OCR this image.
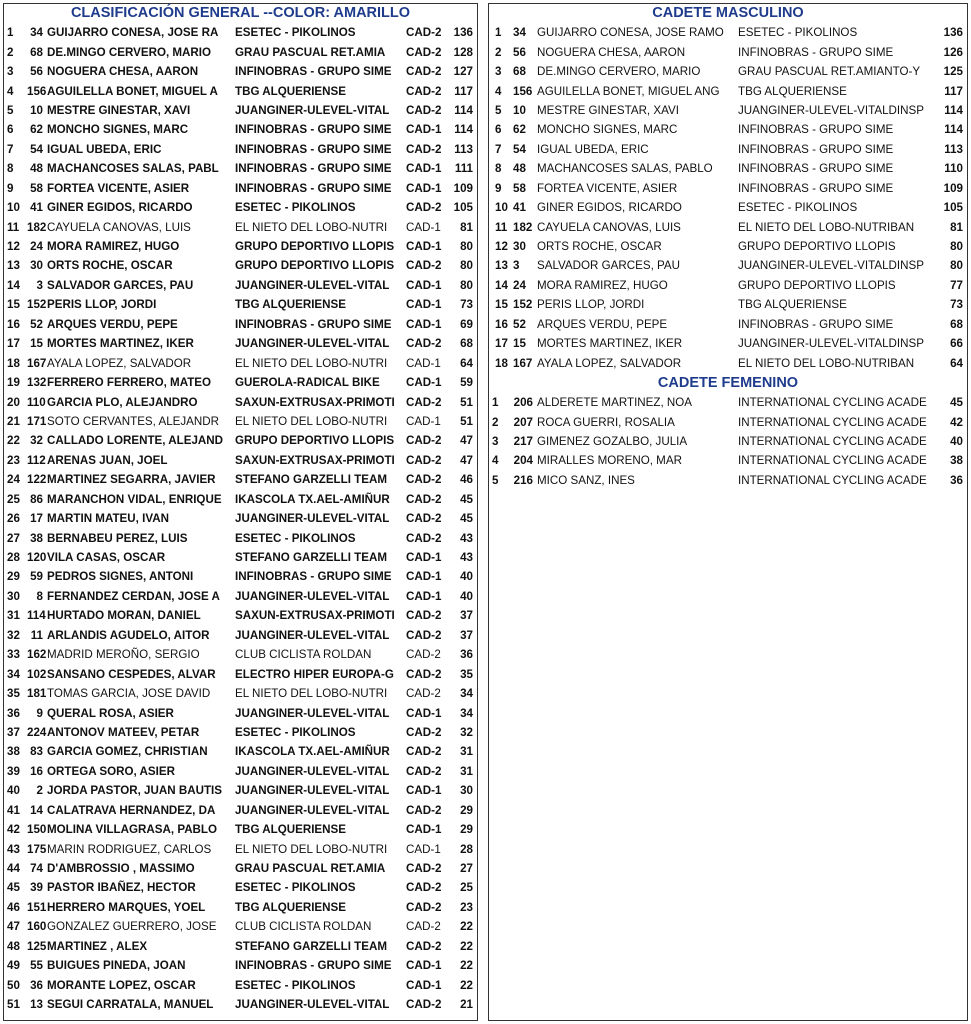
CLASIFICACIÓN GENERAL --COLOR: AMARILLO
1	34	GUIJARRO CONESA, JOSE RA	ESETEC - PIKOLINOS	CAD-2	136
2	68	DE.MINGO CERVERO, MARIO	GRAU PASCUAL RET.AMIA	CAD-2	128
3	56	NOGUERA CHESA, AARON	INFINOBRAS - GRUPO SIME	CAD-2	127
4	156	AGUILELLA BONET, MIGUEL A	TBG ALQUERIENSE	CAD-2	117
5	10	MESTRE GINESTAR, XAVI	JUANGINER-ULEVEL-VITAL	CAD-2	114
6	62	MONCHO SIGNES, MARC	INFINOBRAS - GRUPO SIME	CAD-1	114
7	54	IGUAL UBEDA, ERIC	INFINOBRAS - GRUPO SIME	CAD-2	113
8	48	MACHANCOSES SALAS, PABL	INFINOBRAS - GRUPO SIME	CAD-1	111
9	58	FORTEA VICENTE, ASIER	INFINOBRAS - GRUPO SIME	CAD-1	109
10	41	GINER EGIDOS, RICARDO	ESETEC - PIKOLINOS	CAD-2	105
11	182	CAYUELA CANOVAS, LUIS	EL NIETO DEL LOBO-NUTRI	CAD-1	81
12	24	MORA RAMIREZ, HUGO	GRUPO DEPORTIVO LLOPIS	CAD-1	80
13	30	ORTS ROCHE, OSCAR	GRUPO DEPORTIVO LLOPIS	CAD-2	80
14	3	SALVADOR GARCES, PAU	JUANGINER-ULEVEL-VITAL	CAD-1	80
15	152	PERIS LLOP, JORDI	TBG ALQUERIENSE	CAD-1	73
16	52	ARQUES VERDU, PEPE	INFINOBRAS - GRUPO SIME	CAD-1	69
17	15	MORTES MARTINEZ, IKER	JUANGINER-ULEVEL-VITAL	CAD-2	68
18	167	AYALA LOPEZ, SALVADOR	EL NIETO DEL LOBO-NUTRI	CAD-1	64
19	132	FERRERO FERRERO, MATEO	GUEROLA-RADICAL BIKE	CAD-1	59
20	110	GARCIA PLO, ALEJANDRO	SAXUN-EXTRUSAX-PRIMOTI	CAD-2	51
21	171	SOTO CERVANTES, ALEJANDR	EL NIETO DEL LOBO-NUTRI	CAD-1	51
22	32	CALLADO LORENTE, ALEJAND	GRUPO DEPORTIVO LLOPIS	CAD-2	47
23	112	ARENAS JUAN, JOEL	SAXUN-EXTRUSAX-PRIMOTI	CAD-2	47
24	122	MARTINEZ SEGARRA, JAVIER	STEFANO GARZELLI TEAM	CAD-2	46
25	86	MARANCHON VIDAL, ENRIQUE	IKASCOLA TX.AEL-AMIÑUR	CAD-2	45
26	17	MARTIN MATEU, IVAN	JUANGINER-ULEVEL-VITAL	CAD-2	45
27	38	BERNABEU PEREZ, LUIS	ESETEC - PIKOLINOS	CAD-2	43
28	120	VILA CASAS, OSCAR	STEFANO GARZELLI TEAM	CAD-1	43
29	59	PEDROS SIGNES, ANTONI	INFINOBRAS - GRUPO SIME	CAD-1	40
30	8	FERNANDEZ CERDAN, JOSE A	JUANGINER-ULEVEL-VITAL	CAD-1	40
31	114	HURTADO MORAN, DANIEL	SAXUN-EXTRUSAX-PRIMOTI	CAD-2	37
32	11	ARLANDIS AGUDELO, AITOR	JUANGINER-ULEVEL-VITAL	CAD-2	37
33	162	MADRID MEROÑO, SERGIO	CLUB CICLISTA ROLDAN	CAD-2	36
34	102	SANSANO CESPEDES, ALVAR	ELECTRO HIPER EUROPA-G	CAD-2	35
35	181	TOMAS GARCIA, JOSE DAVID	EL NIETO DEL LOBO-NUTRI	CAD-2	34
36	9	QUERAL ROSA, ASIER	JUANGINER-ULEVEL-VITAL	CAD-1	34
37	224	ANTONOV MATEEV, PETAR	ESETEC - PIKOLINOS	CAD-2	32
38	83	GARCIA GOMEZ, CHRISTIAN	IKASCOLA TX.AEL-AMIÑUR	CAD-2	31
39	16	ORTEGA SORO, ASIER	JUANGINER-ULEVEL-VITAL	CAD-2	31
40	2	JORDA PASTOR, JUAN BAUTIS	JUANGINER-ULEVEL-VITAL	CAD-1	30
41	14	CALATRAVA HERNANDEZ, DA	JUANGINER-ULEVEL-VITAL	CAD-2	29
42	150	MOLINA VILLAGRASA, PABLO	TBG ALQUERIENSE	CAD-1	29
43	175	MARIN RODRIGUEZ, CARLOS	EL NIETO DEL LOBO-NUTRI	CAD-1	28
44	74	D'AMBROSSIO , MASSIMO	GRAU PASCUAL RET.AMIA	CAD-2	27
45	39	PASTOR IBAÑEZ, HECTOR	ESETEC - PIKOLINOS	CAD-2	25
46	151	HERRERO MARQUES, YOEL	TBG ALQUERIENSE	CAD-2	23
47	160	GONZALEZ GUERRERO, JOSE	CLUB CICLISTA ROLDAN	CAD-2	22
48	125	MARTINEZ , ALEX	STEFANO GARZELLI TEAM	CAD-2	22
49	55	BUIGUES PINEDA, JOAN	INFINOBRAS - GRUPO SIME	CAD-1	22
50	36	MORANTE LOPEZ, OSCAR	ESETEC - PIKOLINOS	CAD-1	22
51	13	SEGUI CARRATALA, MANUEL	JUANGINER-ULEVEL-VITAL	CAD-2	21
CADETE MASCULINO
1	34	GUIJARRO CONESA, JOSE RAMO	ESETEC - PIKOLINOS	136
2	56	NOGUERA CHESA, AARON	INFINOBRAS - GRUPO SIME	126
3	68	DE.MINGO CERVERO, MARIO	GRAU PASCUAL RET.AMIANTO-Y	125
4	156	AGUILELLA BONET, MIGUEL ANG	TBG ALQUERIENSE	117
5	10	MESTRE GINESTAR, XAVI	JUANGINER-ULEVEL-VITALDINSP	114
6	62	MONCHO SIGNES, MARC	INFINOBRAS - GRUPO SIME	114
7	54	IGUAL UBEDA, ERIC	INFINOBRAS - GRUPO SIME	113
8	48	MACHANCOSES SALAS, PABLO	INFINOBRAS - GRUPO SIME	110
9	58	FORTEA VICENTE, ASIER	INFINOBRAS - GRUPO SIME	109
10	41	GINER EGIDOS, RICARDO	ESETEC - PIKOLINOS	105
11	182	CAYUELA CANOVAS, LUIS	EL NIETO DEL LOBO-NUTRIBAN	81
12	30	ORTS ROCHE, OSCAR	GRUPO DEPORTIVO LLOPIS	80
13	3	SALVADOR GARCES, PAU	JUANGINER-ULEVEL-VITALDINSP	80
14	24	MORA RAMIREZ, HUGO	GRUPO DEPORTIVO LLOPIS	77
15	152	PERIS LLOP, JORDI	TBG ALQUERIENSE	73
16	52	ARQUES VERDU, PEPE	INFINOBRAS - GRUPO SIME	68
17	15	MORTES MARTINEZ, IKER	JUANGINER-ULEVEL-VITALDINSP	66
18	167	AYALA LOPEZ, SALVADOR	EL NIETO DEL LOBO-NUTRIBAN	64
CADETE FEMENINO
1	206	ALDERETE MARTINEZ, NOA	INTERNATIONAL CYCLING ACADE	45
2	207	ROCA GUERRI, ROSALIA	INTERNATIONAL CYCLING ACADE	42
3	217	GIMENEZ GOZALBO, JULIA	INTERNATIONAL CYCLING ACADE	40
4	204	MIRALLES MORENO, MAR	INTERNATIONAL CYCLING ACADE	38
5	216	MICO SANZ, INES	INTERNATIONAL CYCLING ACADE	36
